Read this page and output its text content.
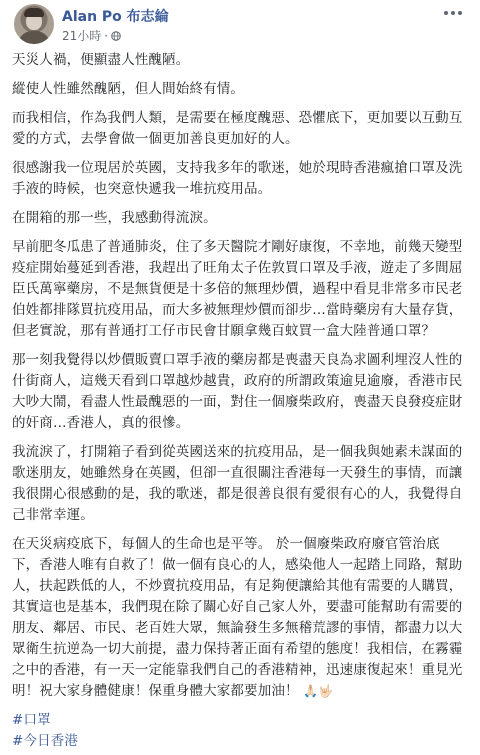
Alan Po 布志綸
21小時 ·

天災人禍，便顯盡人性醜陋。

縱使人性雖然醜陋，但人間始終有情。

而我相信，作為我們人類，是需要在極度醜惡、恐懼底下，更加要以互動互愛的方式，去學會做一個更加善良更加好的人。

很感謝我一位現居於英國，支持我多年的歌迷，她於現時香港瘋搶口罩及洗手液的時候，也突意快遞我一堆抗疫用品。

在開箱的那一些，我感動得流淚。

早前肥冬瓜患了普通肺炎，住了多天醫院才剛好康復，不幸地，前幾天變型疫症開始蔓延到香港，我趕出了旺角太子佐敦買口罩及手液，遊走了多間屈臣氏萬寧藥房，不是無貨便是十多倍的無理炒價，過程中看見非常多市民老伯姓都排隊買抗疫用品，而大多被無理炒價而卻步…當時藥房有大量存貨，但老實說，那有普通打工仔市民會甘願拿幾百蚊買一盒大陸普通口罩？

那一刻我覺得以炒價販賣口罩手液的藥房都是喪盡天良為求圖利埋沒人性的什街商人，這幾天看到口罩越炒越貴，政府的所謂政策逾見逾廢，香港市民大吵大鬧，看盡人性最醜惡的一面，對住一個廢柴政府，喪盡天良發疫症財的奸商…香港人，真的很慘。

我流淚了，打開箱子看到從英國送來的抗疫用品，是一個我與她素未謀面的歌迷朋友，她雖然身在英國，但卻一直很關注香港每一天發生的事情，而讓我很開心很感動的是，我的歌迷，都是很善良很有愛很有心的人，我覺得自己非常幸運。

在天災病疫底下，每個人的生命也是平等。 於一個廢柴政府廢官管治底下，香港人唯有自救了！做一個有良心的人，感染他人一起踏上同路，幫助人，扶起跌低的人，不炒賣抗疫用品，有足夠便讓給其他有需要的人購買， 其實這也是基本，我們現在除了關心好自己家人外，要盡可能幫助有需要的朋友、鄰居、市民、老百姓大眾，無論發生多無稽荒謬的事情，都盡力以大眾衛生抗逆為一切大前提，盡力保持著正面有希望的態度！我相信，在霧霾之中的香港，有一天一定能靠我們自己的香港精神，迅速康復起來！重見光明！祝大家身體健康！保重身體大家都要加油！ 🙏🏻🤟🏻

#口罩
#今日香港
